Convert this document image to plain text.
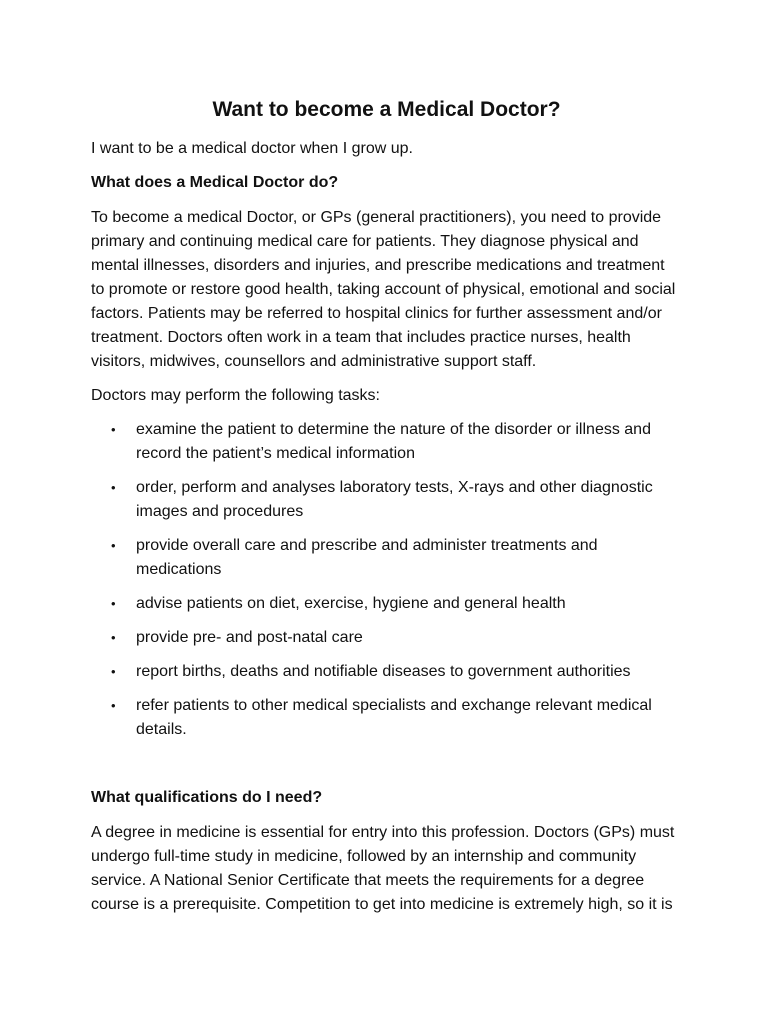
Want to become a Medical Doctor?

I want to be a medical doctor when I grow up.

What does a Medical Doctor do?

To become a medical Doctor, or GPs (general practitioners), you need to provide primary and continuing medical care for patients. They diagnose physical and mental illnesses, disorders and injuries, and prescribe medications and treatment to promote or restore good health, taking account of physical, emotional and social factors. Patients may be referred to hospital clinics for further assessment and/or treatment. Doctors often work in a team that includes practice nurses, health visitors, midwives, counsellors and administrative support staff.

Doctors may perform the following tasks:

• examine the patient to determine the nature of the disorder or illness and record the patient’s medical information
• order, perform and analyses laboratory tests, X-rays and other diagnostic images and procedures
• provide overall care and prescribe and administer treatments and medications
• advise patients on diet, exercise, hygiene and general health
• provide pre- and post-natal care
• report births, deaths and notifiable diseases to government authorities
• refer patients to other medical specialists and exchange relevant medical details.

What qualifications do I need?

A degree in medicine is essential for entry into this profession. Doctors (GPs) must undergo full-time study in medicine, followed by an internship and community service. A National Senior Certificate that meets the requirements for a degree course is a prerequisite. Competition to get into medicine is extremely high, so it is
